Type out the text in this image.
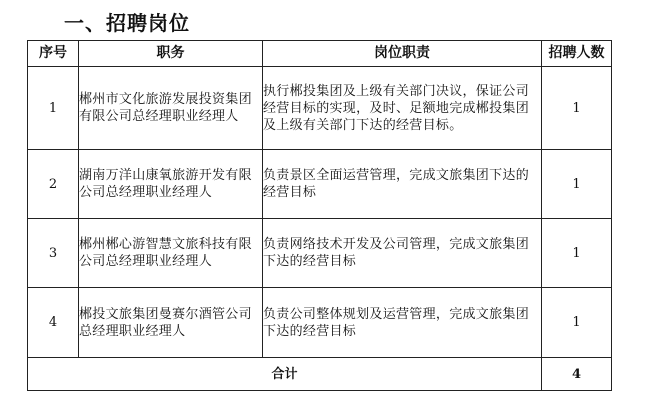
一、招聘岗位
序号	职务	岗位职责	招聘人数
1	郴州市文化旅游发展投资集团有限公司总经理职业经理人	执行郴投集团及上级有关部门决议，保证公司经营目标的实现，及时、足额地完成郴投集团及上级有关部门下达的经营目标。	1
2	湖南万洋山康氧旅游开发有限公司总经理职业经理人	负责景区全面运营管理，完成文旅集团下达的经营目标	1
3	郴州郴心游智慧文旅科技有限公司总经理职业经理人	负责网络技术开发及公司管理，完成文旅集团下达的经营目标	1
4	郴投文旅集团曼赛尔酒管公司总经理职业经理人	负责公司整体规划及运营管理，完成文旅集团下达的经营目标	1
合计			4
